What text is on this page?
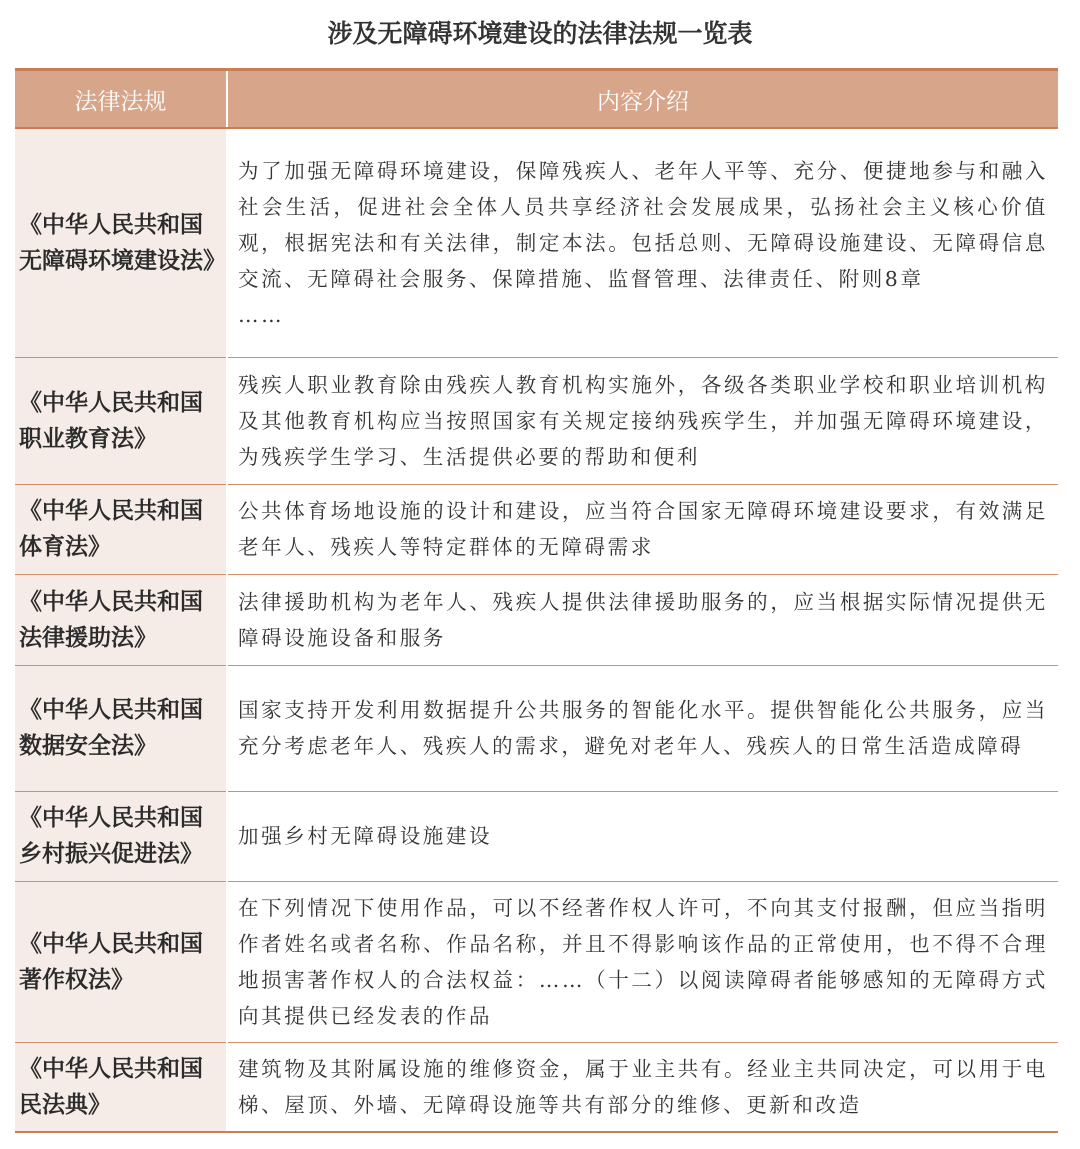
涉及无障碍环境建设的法律法规一览表
法律法规	内容介绍
《中华人民共和国无障碍环境建设法》	为了加强无障碍环境建设，保障残疾人、老年人平等、充分、便捷地参与和融入社会生活，促进社会全体人员共享经济社会发展成果，弘扬社会主义核心价值观，根据宪法和有关法律，制定本法。包括总则、无障碍设施建设、无障碍信息交流、无障碍社会服务、保障措施、监督管理、法律责任、附则8章
……

《中华人民共和国职业教育法》	残疾人职业教育除由残疾人教育机构实施外，各级各类职业学校和职业培训机构及其他教育机构应当按照国家有关规定接纳残疾学生，并加强无障碍环境建设，为残疾学生学习、生活提供必要的帮助和便利
《中华人民共和国体育法》	公共体育场地设施的设计和建设，应当符合国家无障碍环境建设要求，有效满足老年人、残疾人等特定群体的无障碍需求
《中华人民共和国法律援助法》	法律援助机构为老年人、残疾人提供法律援助服务的，应当根据实际情况提供无障碍设施设备和服务
《中华人民共和国数据安全法》	国家支持开发利用数据提升公共服务的智能化水平。提供智能化公共服务，应当充分考虑老年人、残疾人的需求，避免对老年人、残疾人的日常生活造成障碍
《中华人民共和国乡村振兴促进法》	加强乡村无障碍设施建设
《中华人民共和国著作权法》	在下列情况下使用作品，可以不经著作权人许可，不向其支付报酬，但应当指明作者姓名或者名称、作品名称，并且不得影响该作品的正常使用，也不得不合理地损害著作权人的合法权益：……（十二）以阅读障碍者能够感知的无障碍方式向其提供已经发表的作品
《中华人民共和国民法典》	建筑物及其附属设施的维修资金，属于业主共有。经业主共同决定，可以用于电梯、屋顶、外墙、无障碍设施等共有部分的维修、更新和改造
